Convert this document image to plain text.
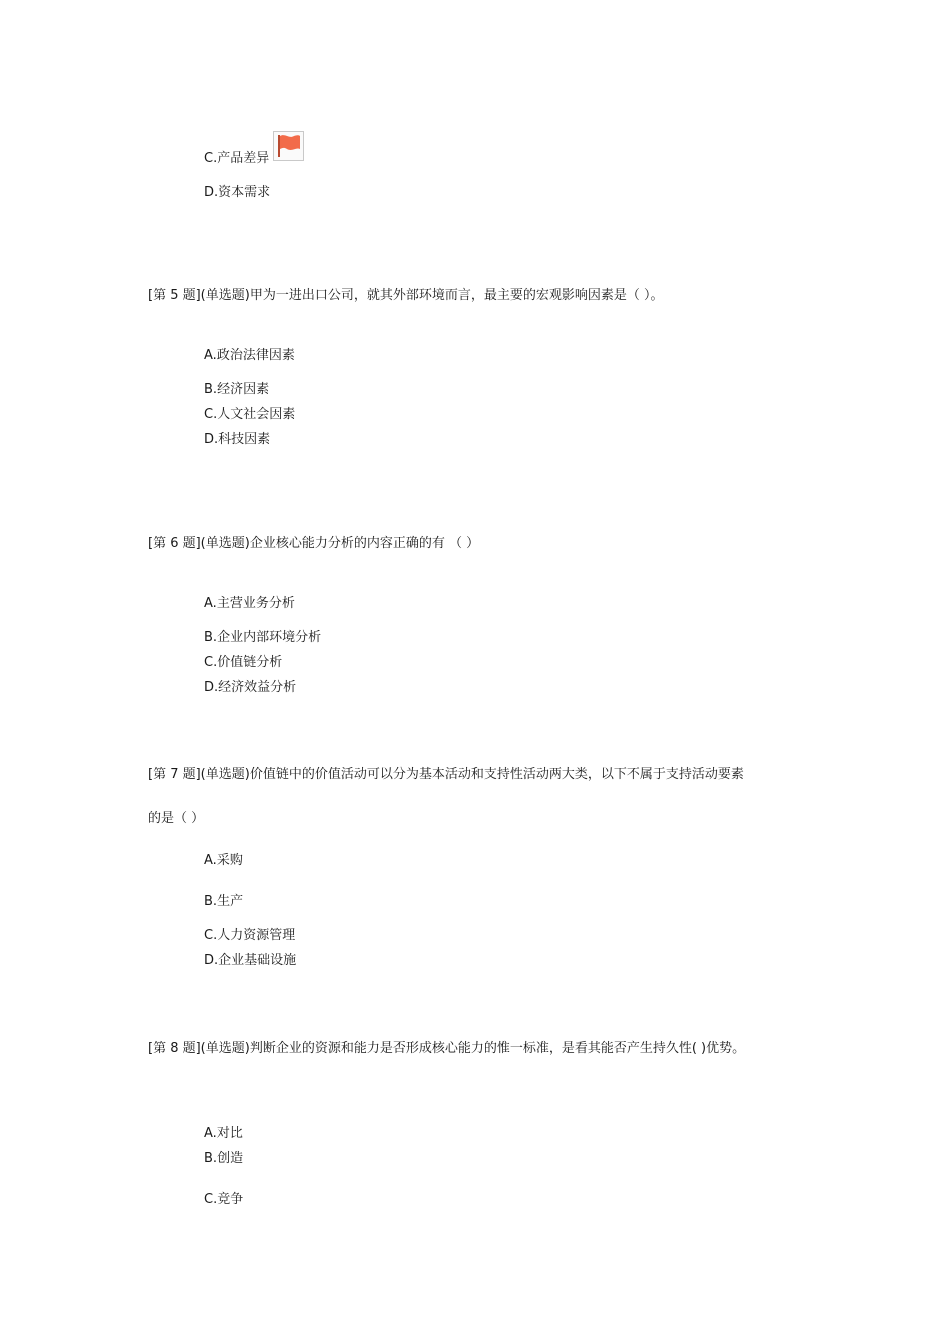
C.产品差异
D.资本需求
[第 5 题](单选题)甲为一进出口公司，就其外部环境而言，最主要的宏观影响因素是（ ）。
A.政治法律因素
B.经济因素
C.人文社会因素
D.科技因素
[第 6 题](单选题)企业核心能力分析的内容正确的有 （ ）
A.主营业务分析
B.企业内部环境分析
C.价值链分析
D.经济效益分析
[第 7 题](单选题)价值链中的价值活动可以分为基本活动和支持性活动两大类，以下不属于支持活动要素
的是（ ）
A.采购
B.生产
C.人力资源管理
D.企业基础设施
[第 8 题](单选题)判断企业的资源和能力是否形成核心能力的惟一标准，是看其能否产生持久性( )优势。
A.对比
B.创造
C.竞争
